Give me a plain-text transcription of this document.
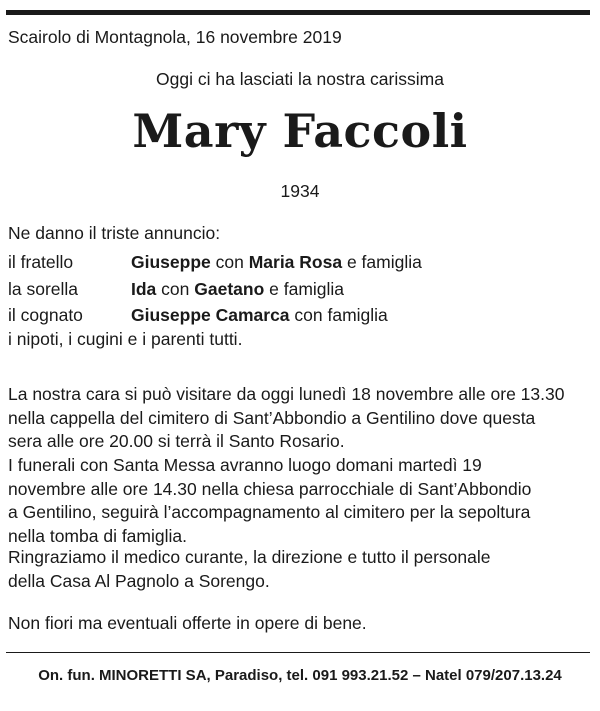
Scairolo di Montagnola, 16 novembre 2019
Oggi ci ha lasciati la nostra carissima
Mary Faccoli
1934
Ne danno il triste annuncio:
il fratello	Giuseppe con Maria Rosa e famiglia
la sorella	Ida con Gaetano e famiglia
il cognato	Giuseppe Camarca con famiglia
i nipoti, i cugini e i parenti tutti.
La nostra cara si può visitare da oggi lunedì 18 novembre alle ore 13.30
nella cappella del cimitero di Sant’Abbondio a Gentilino dove questa
sera alle ore 20.00 si terrà il Santo Rosario.
I funerali con Santa Messa avranno luogo domani martedì 19
novembre alle ore 14.30 nella chiesa parrocchiale di Sant’Abbondio
a Gentilino, seguirà l’accompagnamento al cimitero per la sepoltura
nella tomba di famiglia.
Ringraziamo il medico curante, la direzione e tutto il personale
della Casa Al Pagnolo a Sorengo.
Non fiori ma eventuali offerte in opere di bene.
On. fun. MINORETTI SA, Paradiso, tel. 091 993.21.52 – Natel 079/207.13.24
